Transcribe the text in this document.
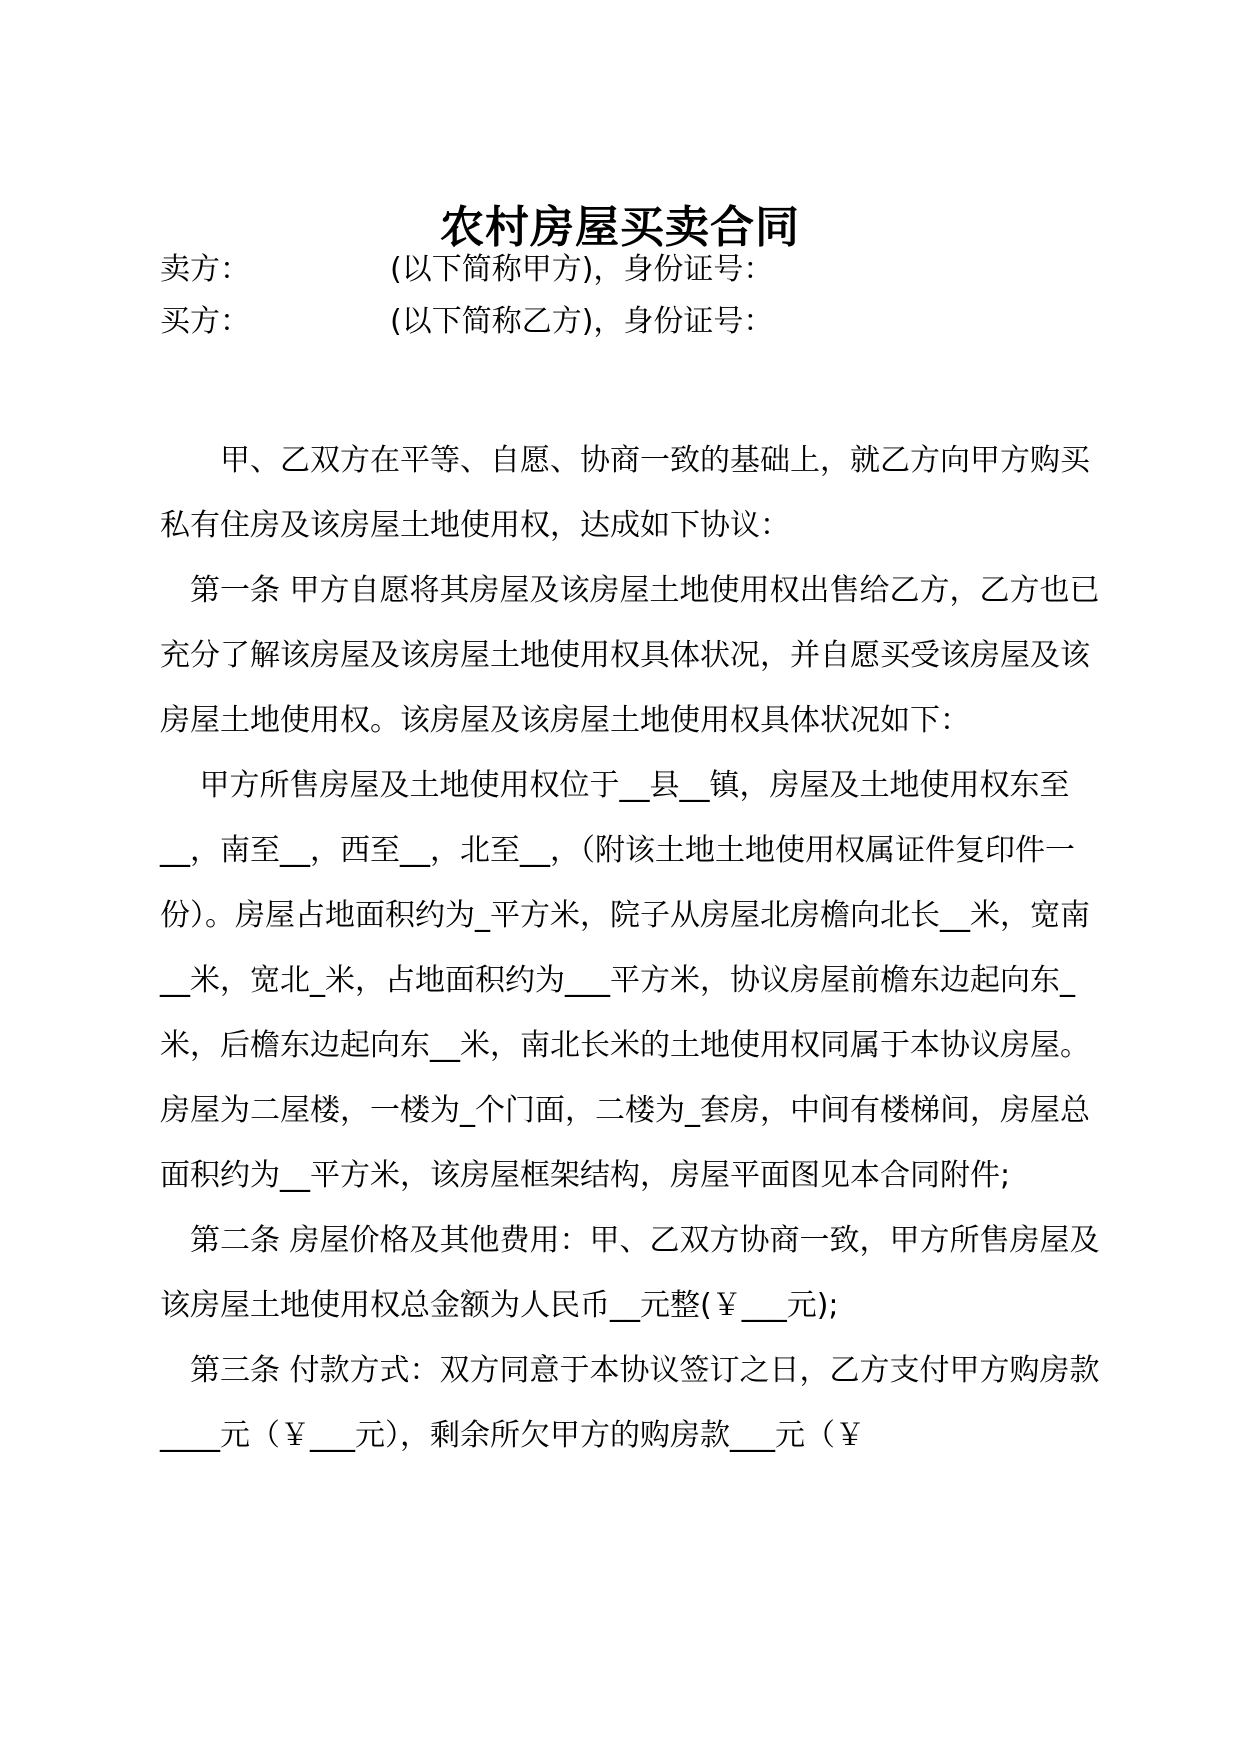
农村房屋买卖合同
卖方：	(以下简称甲方)，身份证号：
买方：	(以下简称乙方)，身份证号：

　　甲、乙双方在平等、自愿、协商一致的基础上，就乙方向甲方购买私有住房及该房屋土地使用权，达成如下协议：

　第一条 甲方自愿将其房屋及该房屋土地使用权出售给乙方，乙方也已充分了解该房屋及该房屋土地使用权具体状况，并自愿买受该房屋及该房屋土地使用权。该房屋及该房屋土地使用权具体状况如下：

　 甲方所售房屋及土地使用权位于__县__镇，房屋及土地使用权东至__，南至__，西至__，北至__，（附该土地土地使用权属证件复印件一份）。房屋占地面积约为_平方米，院子从房屋北房檐向北长__米，宽南__米，宽北_米，占地面积约为___平方米，协议房屋前檐东边起向东_米，后檐东边起向东__米，南北长米的土地使用权同属于本协议房屋。房屋为二屋楼，一楼为_个门面，二楼为_套房，中间有楼梯间，房屋总面积约为__平方米，该房屋框架结构，房屋平面图见本合同附件;

　第二条 房屋价格及其他费用：甲、乙双方协商一致，甲方所售房屋及该房屋土地使用权总金额为人民币__元整(￥___元);

　第三条 付款方式：双方同意于本协议签订之日，乙方支付甲方购房款____元（￥___元），剩余所欠甲方的购房款___元（￥
